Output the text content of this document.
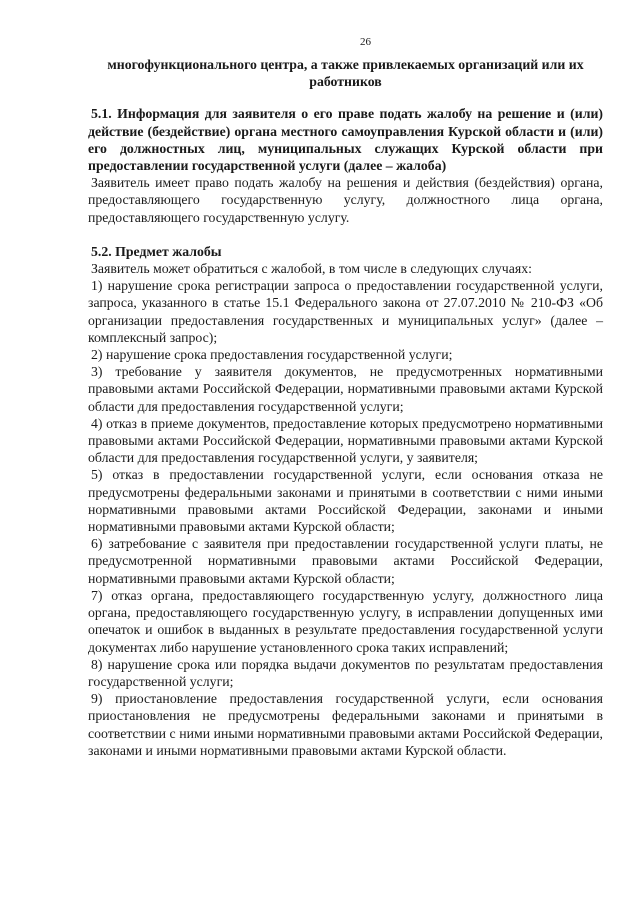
26
многофункционального центра, а также привлекаемых организаций или их работников
5.1. Информация для заявителя о его праве подать жалобу на решение и (или) действие (бездействие) органа местного самоуправления Курской области и (или) его должностных лиц, муниципальных служащих Курской области при предоставлении государственной услуги (далее – жалоба)

Заявитель имеет право подать жалобу на решения и действия (бездействия) органа, предоставляющего государственную услугу, должностного лица органа, предоставляющего государственную услугу.

5.2. Предмет жалобы

Заявитель может обратиться с жалобой, в том числе в следующих случаях:

1) нарушение срока регистрации запроса о предоставлении государственной услуги, запроса, указанного в статье 15.1 Федерального закона от 27.07.2010 № 210-ФЗ «Об организации предоставления государственных и муниципальных услуг» (далее – комплексный запрос);

2) нарушение срока предоставления государственной услуги;

3) требование у заявителя документов, не предусмотренных нормативными правовыми актами Российской Федерации, нормативными правовыми актами Курской области для предоставления государственной услуги;

4) отказ в приеме документов, предоставление которых предусмотрено нормативными правовыми актами Российской Федерации, нормативными правовыми актами Курской области для предоставления государственной услуги, у заявителя;

5) отказ в предоставлении государственной услуги, если основания отказа не предусмотрены федеральными законами и принятыми в соответствии с ними иными нормативными правовыми актами Российской Федерации, законами и иными нормативными правовыми актами Курской области;

6) затребование с заявителя при предоставлении государственной услуги платы, не предусмотренной нормативными правовыми актами Российской Федерации, нормативными правовыми актами Курской области;

7) отказ органа, предоставляющего государственную услугу, должностного лица органа, предоставляющего государственную услугу, в исправлении допущенных ими опечаток и ошибок в выданных в результате предоставления государственной услуги документах либо нарушение установленного срока таких исправлений;

8) нарушение срока или порядка выдачи документов по результатам предоставления государственной услуги;

9) приостановление предоставления государственной услуги, если основания приостановления не предусмотрены федеральными законами и принятыми в соответствии с ними иными нормативными правовыми актами Российской Федерации, законами и иными нормативными правовыми актами Курской области.
